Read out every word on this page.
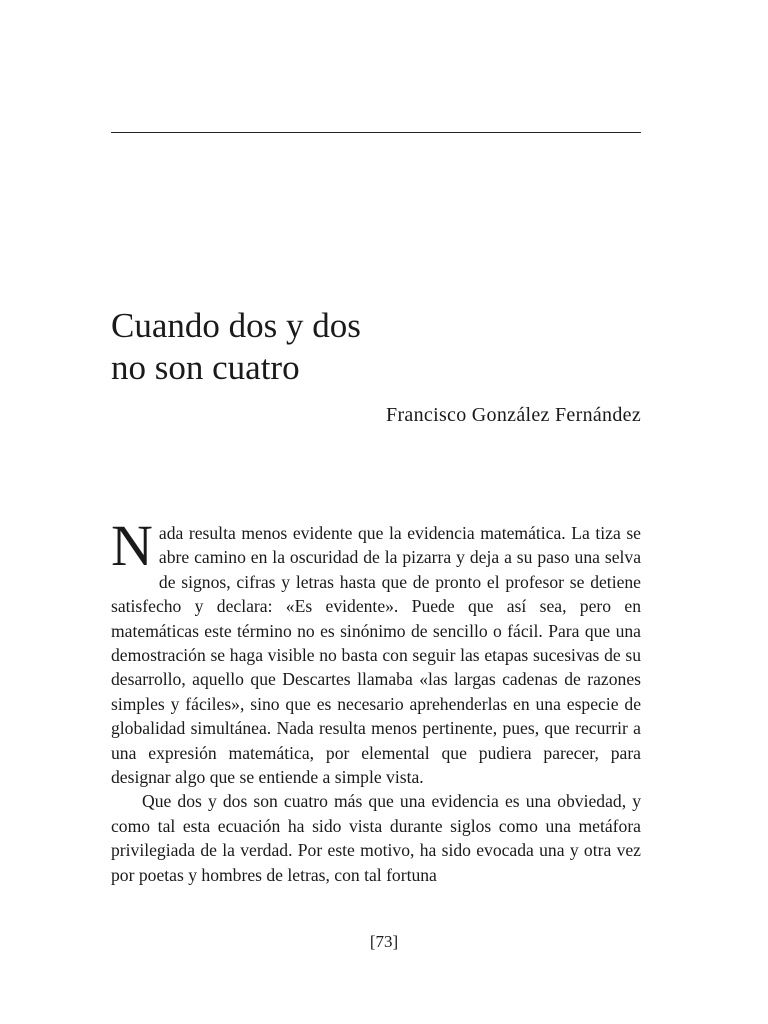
Cuando dos y dos
no son cuatro
Francisco González Fernández

Nada resulta menos evidente que la evidencia matemática. La tiza se abre camino en la oscuridad de la pizarra y deja a su paso una selva de signos, cifras y letras hasta que de pronto el profesor se detiene satisfecho y declara: «Es evidente». Puede que así sea, pero en matemáticas este término no es sinónimo de sencillo o fácil. Para que una demostración se haga visible no basta con seguir las etapas sucesivas de su desarrollo, aquello que Descartes llamaba «las largas cadenas de razones simples y fáciles», sino que es necesario aprehenderlas en una especie de globalidad simultánea. Nada resulta menos pertinente, pues, que recurrir a una expresión matemática, por elemental que pudiera parecer, para designar algo que se entiende a simple vista.

Que dos y dos son cuatro más que una evidencia es una obviedad, y como tal esta ecuación ha sido vista durante siglos como una metáfora privilegiada de la verdad. Por este motivo, ha sido evocada una y otra vez por poetas y hombres de letras, con tal fortuna

[73]
